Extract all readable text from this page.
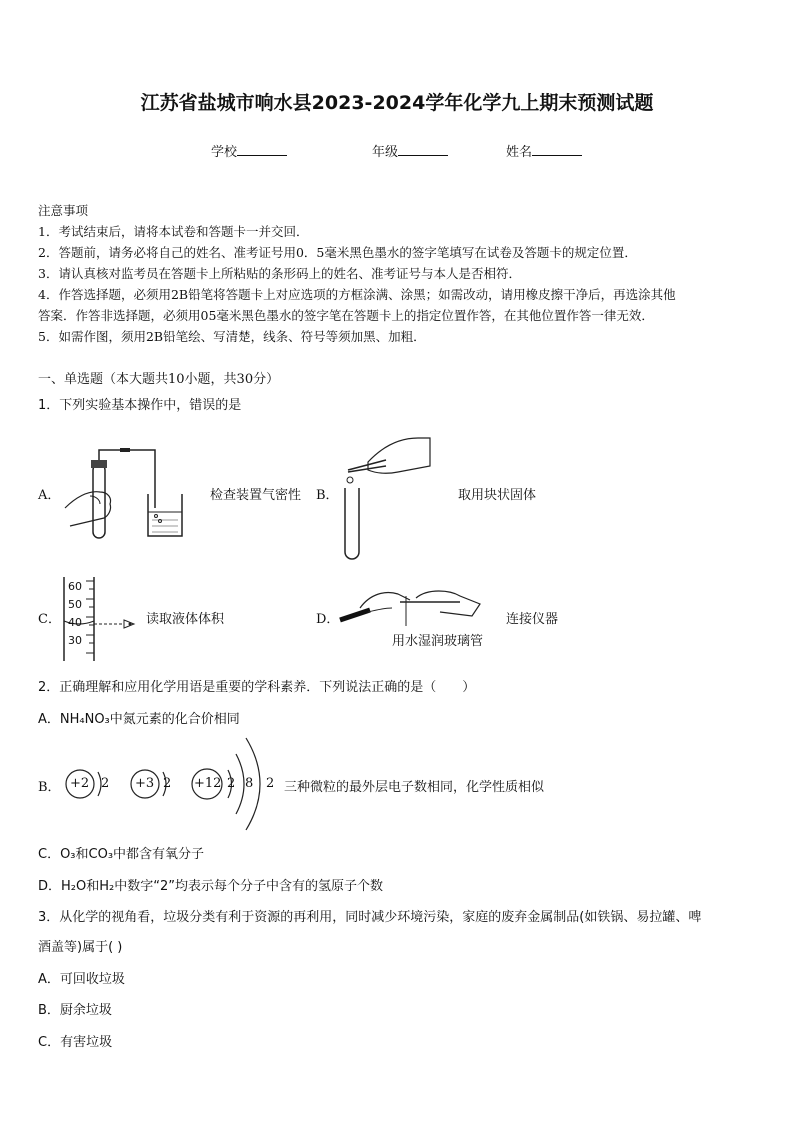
江苏省盐城市响水县2023-2024学年化学九上期末预测试题
学校	年级	姓名
注意事项
1．考试结束后，请将本试卷和答题卡一并交回．
2．答题前，请务必将自己的姓名、准考证号用0．5毫米黑色墨水的签字笔填写在试卷及答题卡的规定位置．
3．请认真核对监考员在答题卡上所粘贴的条形码上的姓名、准考证号与本人是否相符．
4．作答选择题，必须用2B铅笔将答题卡上对应选项的方框涂满、涂黑；如需改动，请用橡皮擦干净后，再选涂其他
答案．作答非选择题，必须用05毫米黑色墨水的签字笔在答题卡上的指定位置作答，在其他位置作答一律无效．
5．如需作图，须用2B铅笔绘、写清楚，线条、符号等须加黑、加粗．
一、单选题（本大题共10小题，共30分）
1．下列实验基本操作中，错误的是
A．	检查装置气密性 B．	取用块状固体
C．
60
50
40
30
读取液体体积	D．
用水湿润玻璃管
连接仪器
2．正确理解和应用化学用语是重要的学科素养．下列说法正确的是（　　）
A．NH₄NO₃中氮元素的化合价相同
B． +2 2 +3 2 +12 2 8 2 三种微粒的最外层电子数相同，化学性质相似
C．O₃和CO₃中都含有氧分子
D．H₂O和H₂中数字“2”均表示每个分子中含有的氢原子个数
3．从化学的视角看，垃圾分类有利于资源的再利用，同时减少环境污染，家庭的废弃金属制品(如铁锅、易拉罐、啤
酒盖等)属于( )
A．可回收垃圾
B．厨余垃圾
C．有害垃圾
